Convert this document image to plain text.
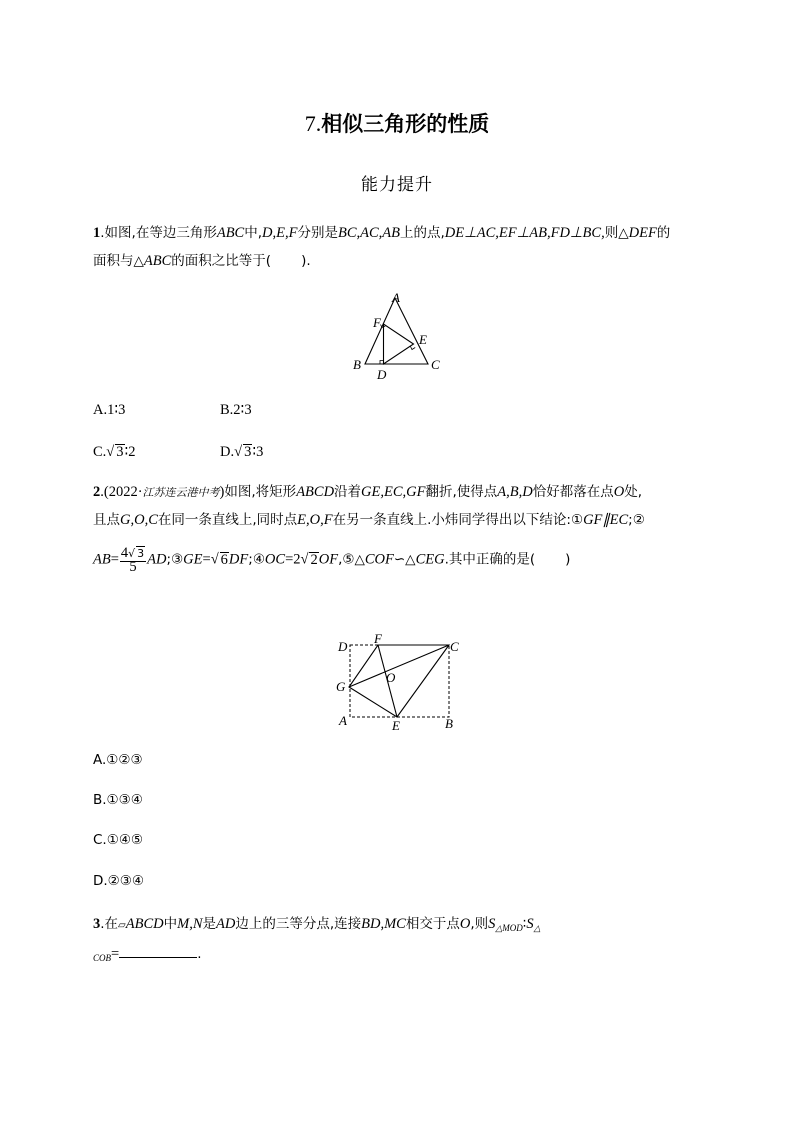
7.相似三角形的性质
能力提升
1.如图,在等边三角形ABC中,D,E,F分别是BC,AC,AB上的点,DE⊥AC,EF⊥AB,FD⊥BC,则△DEF的
面积与△ABC的面积之比等于( ).
A
B	C
D
E
F
A.1∶3	B.2∶3
C.√ 3∶2	D.√ 3∶3
2.(2022·江苏连云港中考)如图,将矩形ABCD沿着GE,EC,GF翻折,使得点A,B,D恰好都落在点O处,
且点G,O,C在同一条直线上,同时点E,O,F在另一条直线上.小炜同学得出以下结论:①GF∥EC;②
$AB= \frac{4√ 3}{5}$ AD;③GE=√ 6DF;④OC=2√ 2OF,⑤△COF∽△CEG.其中正确的是( )
D
F
C
G
O
A	E	B
A.①②③
B.①③④
C.①④⑤
D.②③④
3.在▱ABCD中M,N是AD边上的三等分点,连接BD,MC相交于点O,则$S_{\triangle MOD}∶S_\triangle$
$_{COB}$=	.
